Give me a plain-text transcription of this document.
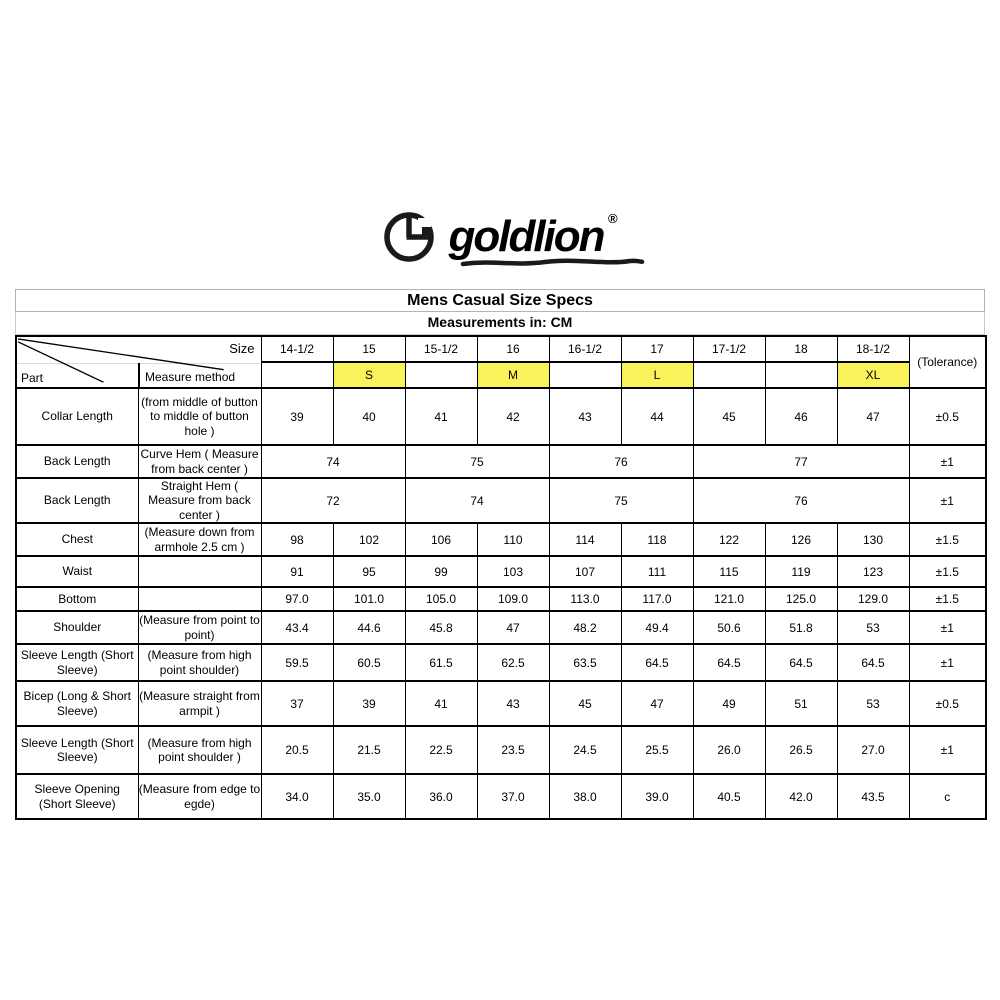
goldlion ®
Mens Casual Size Specs
Measurements in: CM
Size
Part Measure method		14-1/2	15	15-1/2	16	16-1/2	17	17-1/2	18	18-1/2	(Tolerance)
			S		M		L			XL	
Collar Length	(from middle of button to middle of button hole )	39	40	41	42	43	44	45	46	47	±0.5
Back Length	Curve Hem ( Measure from back center )	74		75		76		77			±1
Back Length	Straight Hem ( Measure from back center )	72		74		75		76			±1
Chest	(Measure down from armhole 2.5 cm )	98	102	106	110	114	118	122	126	130	±1.5
Waist		91	95	99	103	107	111	115	119	123	±1.5
Bottom		97.0	101.0	105.0	109.0	113.0	117.0	121.0	125.0	129.0	±1.5
Shoulder	(Measure from point to point)	43.4	44.6	45.8	47	48.2	49.4	50.6	51.8	53	±1
Sleeve Length (Short Sleeve)	(Measure from high point shoulder)	59.5	60.5	61.5	62.5	63.5	64.5	64.5	64.5	64.5	±1
Bicep (Long & Short Sleeve)	(Measure straight from armpit )	37	39	41	43	45	47	49	51	53	±0.5
Sleeve Length (Short Sleeve)	(Measure from high point shoulder )	20.5	21.5	22.5	23.5	24.5	25.5	26.0	26.5	27.0	±1
Sleeve Opening (Short Sleeve)	(Measure from edge to egde)	34.0	35.0	36.0	37.0	38.0	39.0	40.5	42.0	43.5	c
